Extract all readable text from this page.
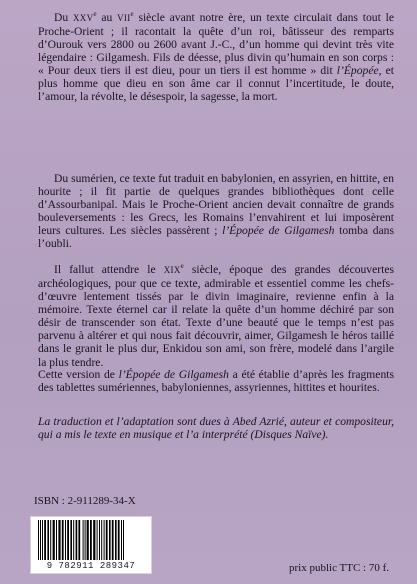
Du XXVe au VIIe siècle avant notre ère, un texte circulait dans tout le Proche-Orient ; il racontait la quête d’un roi, bâtisseur des remparts d’Ourouk vers 2800 ou 2600 avant J.-C., d’un homme qui devint très vite légendaire : Gilgamesh. Fils de déesse, plus divin qu’humain en son corps : « Pour deux tiers il est dieu, pour un tiers il est homme » dit l’Épopée, et plus homme que dieu en son âme car il connut l’incertitude, le doute, l’amour, la révolte, le désespoir, la sagesse, la mort.

Du sumérien, ce texte fut traduit en babylonien, en assyrien, en hittite, en hourite ; il fit partie de quelques grandes bibliothèques dont celle d’Assourbanipal. Mais le Proche-Orient ancien devait connaître de grands bouleversements : les Grecs, les Romains l’envahirent et lui imposèrent leurs cultures. Les siècles passèrent ; l’Épopée de Gilgamesh tomba dans l’oubli.

Il fallut attendre le XIXe siècle, époque des grandes découvertes archéologiques, pour que ce texte, admirable et essentiel comme les chefs-d’œuvre lentement tissés par le divin imaginaire, revienne enfin à la mémoire. Texte éternel car il relate la quête d’un homme déchiré par son désir de transcender son état. Texte d’une beauté que le temps n’est pas parvenu à altérer et qui nous fait découvrir, aimer, Gilgamesh le héros taillé dans le granit le plus dur, Enkidou son ami, son frère, modelé dans l’argile la plus tendre.

Cette version de l’Épopée de Gilgamesh a été établie d’après les fragments des tablettes sumériennes, babyloniennes, assyriennes, hittites et hourites.

La traduction et l’adaptation sont dues à Abed Azrié, auteur et compositeur, qui a mis le texte en musique et l’a interprété (Disques Naïve).

ISBN : 2-911289-34-X
9 782911 289347	prix public TTC : 70 f.
